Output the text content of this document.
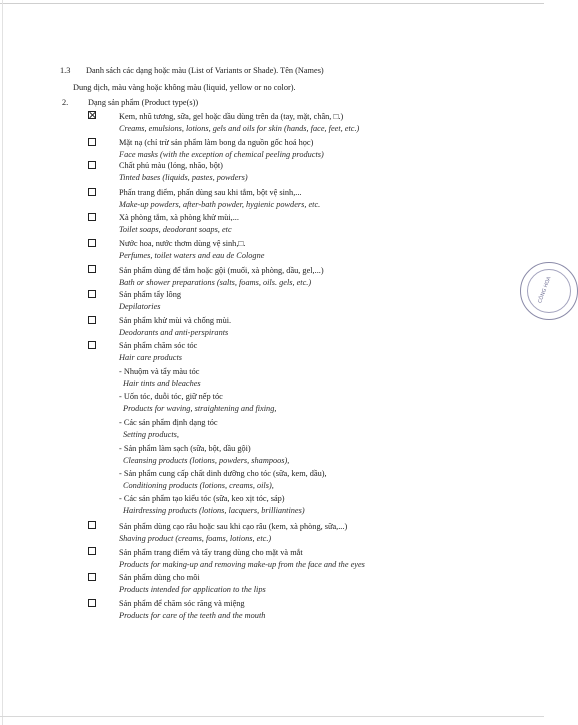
1.3 Danh sách các dạng hoặc màu (List of Variants or Shade). Tên (Names)
Dung dịch, màu vàng hoặc không màu (liquid, yellow or no color).
2. Dạng sản phẩm (Product type(s))
Kem, nhũ tương, sữa, gel hoặc dầu dùng trên da (tay, mặt, chân, □.)
Creams, emulsions, lotions, gels and oils for skin (hands, face, feet, etc.)
Mặt nạ (chỉ trừ sản phẩm làm bong da nguồn gốc hoá học)
Face masks (with the exception of chemical peeling products)
Chất phủ màu (lỏng, nhão, bột)
Tinted bases (liquids, pastes, powders)
Phấn trang điểm, phấn dùng sau khi tắm, bột vệ sinh,...
Make-up powders, after-bath powder, hygienic powders, etc.
Xà phòng tắm, xà phòng khử mùi,...
Toilet soaps, deodorant soaps, etc
Nước hoa, nước thơm dùng vệ sinh,□.
Perfumes, toilet waters and eau de Cologne
Sản phẩm dùng để tắm hoặc gội (muối, xà phòng, dầu, gel,...)
Bath or shower preparations (salts, foams, oils. gels, etc.)
Sản phẩm tẩy lông
Depilatories
Sản phẩm khử mùi và chống mùi.
Deodorants and anti-perspirants
Sản phẩm chăm sóc tóc
Hair care products
- Nhuộm và tẩy màu tóc
Hair tints and bleaches
- Uốn tóc, duỗi tóc, giữ nếp tóc
Products for waving, straightening and fixing,
- Các sản phẩm định dạng tóc
Setting products,
- Sản phẩm làm sạch (sữa, bột, dầu gội)
Cleansing products (lotions, powders, shampoos),
- Sản phẩm cung cấp chất dinh dưỡng cho tóc (sữa, kem, dầu),
Conditioning products (lotions, creams, oils),
- Các sản phẩm tạo kiểu tóc (sữa, keo xịt tóc, sáp)
Hairdressing products (lotions, lacquers, brilliantines)
Sản phẩm dùng cạo râu hoặc sau khi cạo râu (kem, xà phòng, sữa,...)
Shaving product (creams, foams, lotions, etc.)
Sản phẩm trang điểm và tẩy trang dùng cho mặt và mắt
Products for making-up and removing make-up from the face and the eyes
Sản phẩm dùng cho môi
Products intended for application to the lips
Sản phẩm để chăm sóc răng và miệng
Products for care of the teeth and the mouth
CÔNG HOA
